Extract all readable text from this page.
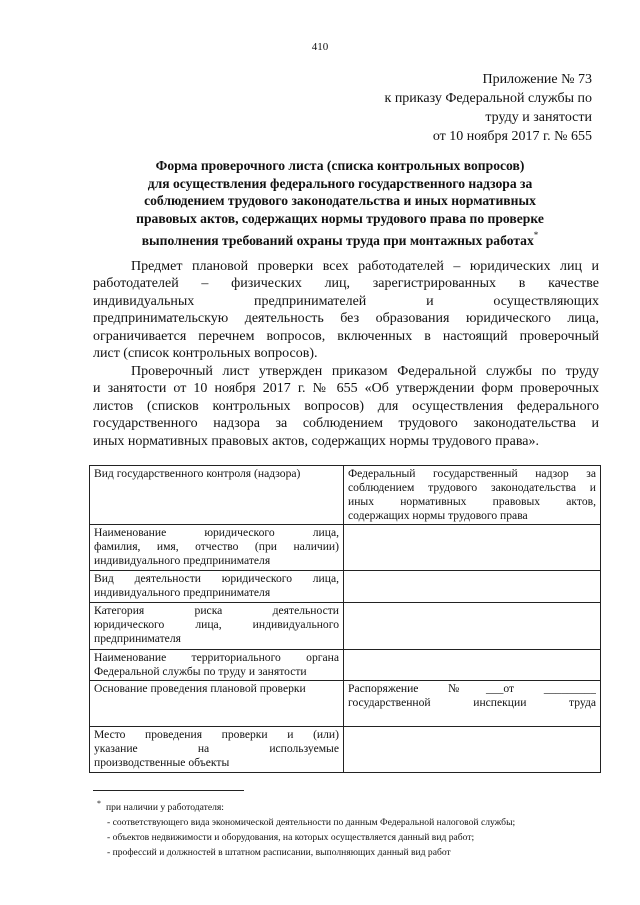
410
Приложение № 73
к приказу Федеральной службы по
труду и занятости
от 10 ноября 2017 г. № 655
Форма проверочного листа (списка контрольных вопросов)
для осуществления федерального государственного надзора за
соблюдением трудового законодательства и иных нормативных
правовых актов, содержащих нормы трудового права по проверке
выполнения требований охраны труда при монтажных работах*
Предмет плановой проверки всех работодателей – юридических лиц и
работодателей – физических лиц, зарегистрированных в качестве
индивидуальных предпринимателей и осуществляющих
предпринимательскую деятельность без образования юридического лица,
ограничивается перечнем вопросов, включенных в настоящий проверочный
лист (список контрольных вопросов).
Проверочный лист утвержден приказом Федеральной службы по труду
и занятости от 10 ноября 2017 г. № 655 «Об утверждении форм проверочных
листов (списков контрольных вопросов) для осуществления федерального
государственного надзора за соблюдением трудового законодательства и
иных нормативных правовых актов, содержащих нормы трудового права».
Вид государственного контроля (надзора)	Федеральный государственный надзор за
соблюдением трудового законодательства и
иных нормативных правовых актов,
содержащих нормы трудового права

Наименование юридического лица,
фамилия, имя, отчество (при наличии)
индивидуального предпринимателя	

Вид деятельности юридического лица,
индивидуального предпринимателя	

Категория риска деятельности
юридического лица, индивидуального
предпринимателя	

Наименование территориального органа
Федеральной службы по труду и занятости	

Основание проведения плановой проверки	Распоряжение №___от _________
государственной инспекции труда

Место проведения проверки и (или)
указание на используемые
производственные объекты	

* при наличии у работодателя:
- соответствующего вида экономической деятельности по данным Федеральной налоговой службы;
- объектов недвижимости и оборудования, на которых осуществляется данный вид работ;
- профессий и должностей в штатном расписании, выполняющих данный вид работ
